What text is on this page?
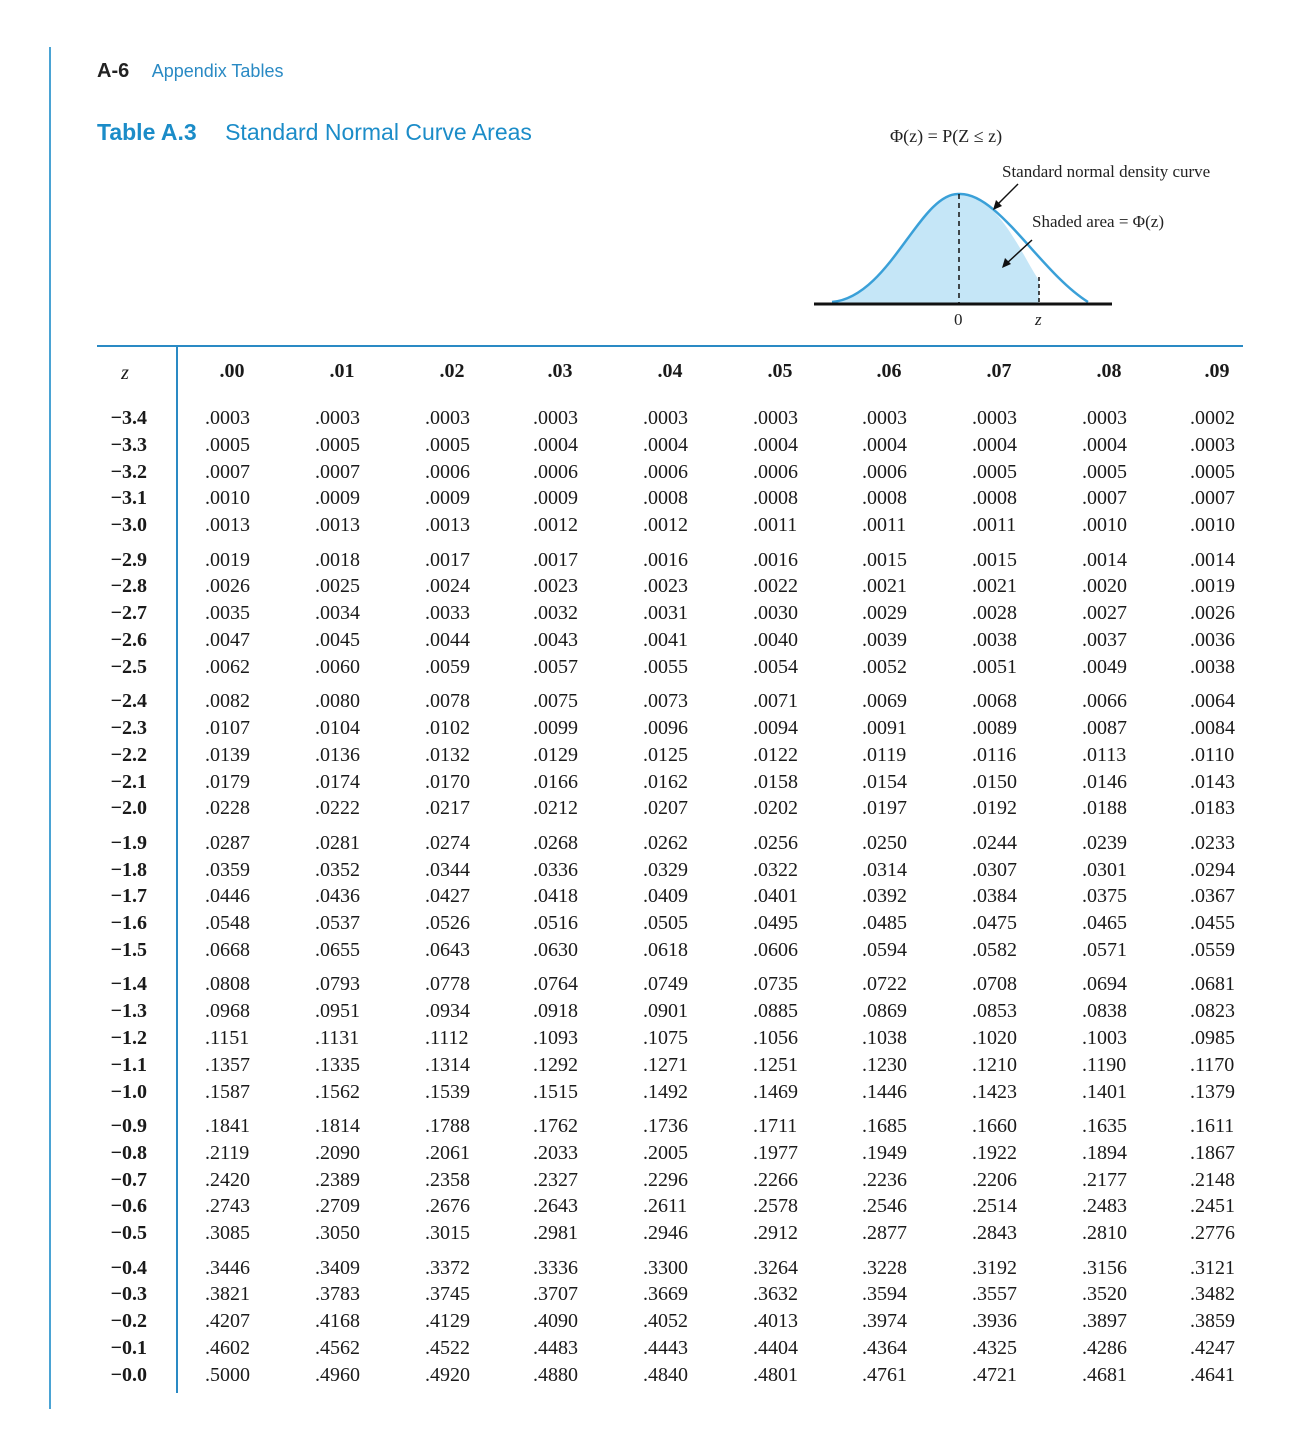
A-6 Appendix Tables
Table A.3 Standard Normal Curve Areas	Φ(z) = P(Z ≤ z)
Standard normal density curve
Shaded area = Φ(z)
0	z
z	.00	.01	.02	.03	.04	.05	.06	.07	.08	.09
−3.4	.0003	.0003	.0003	.0003	.0003	.0003	.0003	.0003	.0003	.0002
−3.3	.0005	.0005	.0005	.0004	.0004	.0004	.0004	.0004	.0004	.0003
−3.2	.0007	.0007	.0006	.0006	.0006	.0006	.0006	.0005	.0005	.0005
−3.1	.0010	.0009	.0009	.0009	.0008	.0008	.0008	.0008	.0007	.0007
−3.0	.0013	.0013	.0013	.0012	.0012	.0011	.0011	.0011	.0010	.0010
−2.9	.0019	.0018	.0017	.0017	.0016	.0016	.0015	.0015	.0014	.0014
−2.8	.0026	.0025	.0024	.0023	.0023	.0022	.0021	.0021	.0020	.0019
−2.7	.0035	.0034	.0033	.0032	.0031	.0030	.0029	.0028	.0027	.0026
−2.6	.0047	.0045	.0044	.0043	.0041	.0040	.0039	.0038	.0037	.0036
−2.5	.0062	.0060	.0059	.0057	.0055	.0054	.0052	.0051	.0049	.0038
−2.4	.0082	.0080	.0078	.0075	.0073	.0071	.0069	.0068	.0066	.0064
−2.3	.0107	.0104	.0102	.0099	.0096	.0094	.0091	.0089	.0087	.0084
−2.2	.0139	.0136	.0132	.0129	.0125	.0122	.0119	.0116	.0113	.0110
−2.1	.0179	.0174	.0170	.0166	.0162	.0158	.0154	.0150	.0146	.0143
−2.0	.0228	.0222	.0217	.0212	.0207	.0202	.0197	.0192	.0188	.0183
−1.9	.0287	.0281	.0274	.0268	.0262	.0256	.0250	.0244	.0239	.0233
−1.8	.0359	.0352	.0344	.0336	.0329	.0322	.0314	.0307	.0301	.0294
−1.7	.0446	.0436	.0427	.0418	.0409	.0401	.0392	.0384	.0375	.0367
−1.6	.0548	.0537	.0526	.0516	.0505	.0495	.0485	.0475	.0465	.0455
−1.5	.0668	.0655	.0643	.0630	.0618	.0606	.0594	.0582	.0571	.0559
−1.4	.0808	.0793	.0778	.0764	.0749	.0735	.0722	.0708	.0694	.0681
−1.3	.0968	.0951	.0934	.0918	.0901	.0885	.0869	.0853	.0838	.0823
−1.2	.1151	.1131	.1112	.1093	.1075	.1056	.1038	.1020	.1003	.0985
−1.1	.1357	.1335	.1314	.1292	.1271	.1251	.1230	.1210	.1190	.1170
−1.0	.1587	.1562	.1539	.1515	.1492	.1469	.1446	.1423	.1401	.1379
−0.9	.1841	.1814	.1788	.1762	.1736	.1711	.1685	.1660	.1635	.1611
−0.8	.2119	.2090	.2061	.2033	.2005	.1977	.1949	.1922	.1894	.1867
−0.7	.2420	.2389	.2358	.2327	.2296	.2266	.2236	.2206	.2177	.2148
−0.6	.2743	.2709	.2676	.2643	.2611	.2578	.2546	.2514	.2483	.2451
−0.5	.3085	.3050	.3015	.2981	.2946	.2912	.2877	.2843	.2810	.2776
−0.4	.3446	.3409	.3372	.3336	.3300	.3264	.3228	.3192	.3156	.3121
−0.3	.3821	.3783	.3745	.3707	.3669	.3632	.3594	.3557	.3520	.3482
−0.2	.4207	.4168	.4129	.4090	.4052	.4013	.3974	.3936	.3897	.3859
−0.1	.4602	.4562	.4522	.4483	.4443	.4404	.4364	.4325	.4286	.4247
−0.0	.5000	.4960	.4920	.4880	.4840	.4801	.4761	.4721	.4681	.4641
